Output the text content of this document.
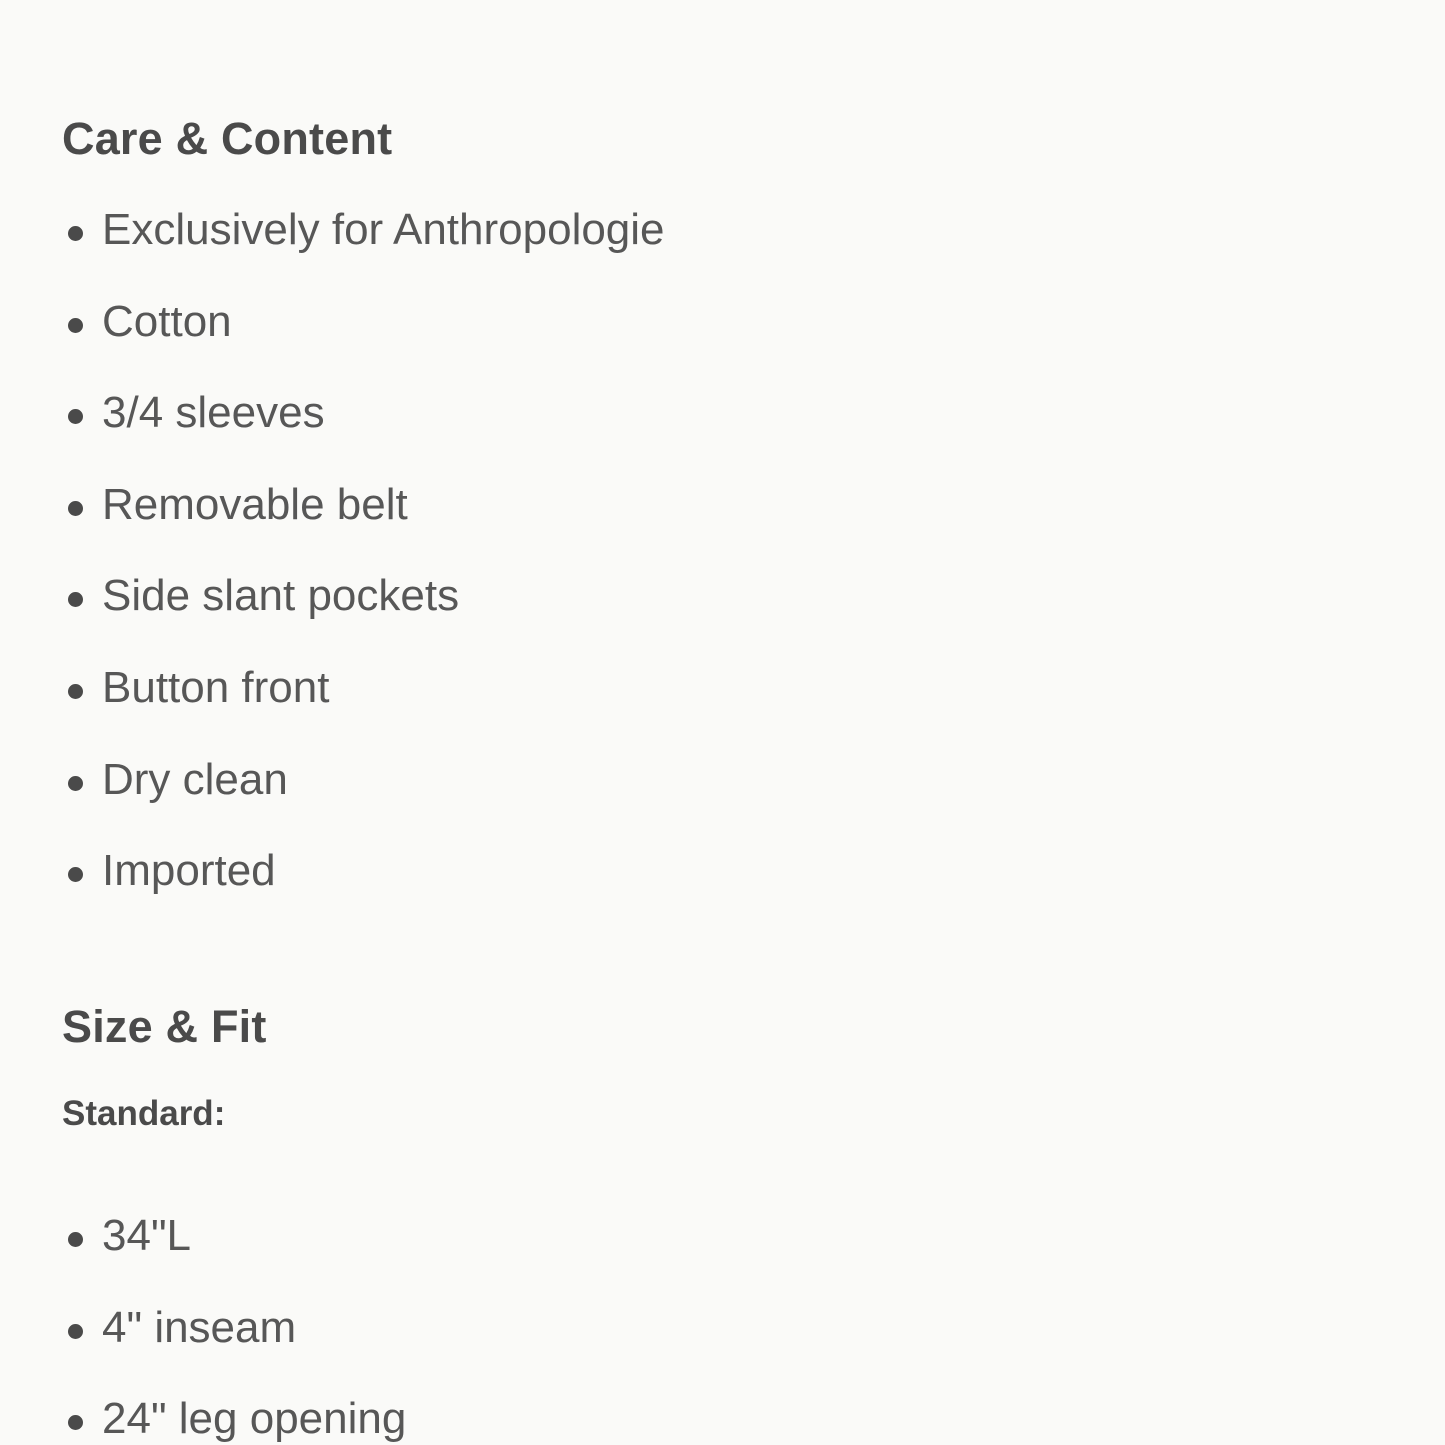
Care & Content
Exclusively for Anthropologie
Cotton
3/4 sleeves
Removable belt
Side slant pockets
Button front
Dry clean
Imported
Size & Fit
Standard:
34"L
4" inseam
24" leg opening
